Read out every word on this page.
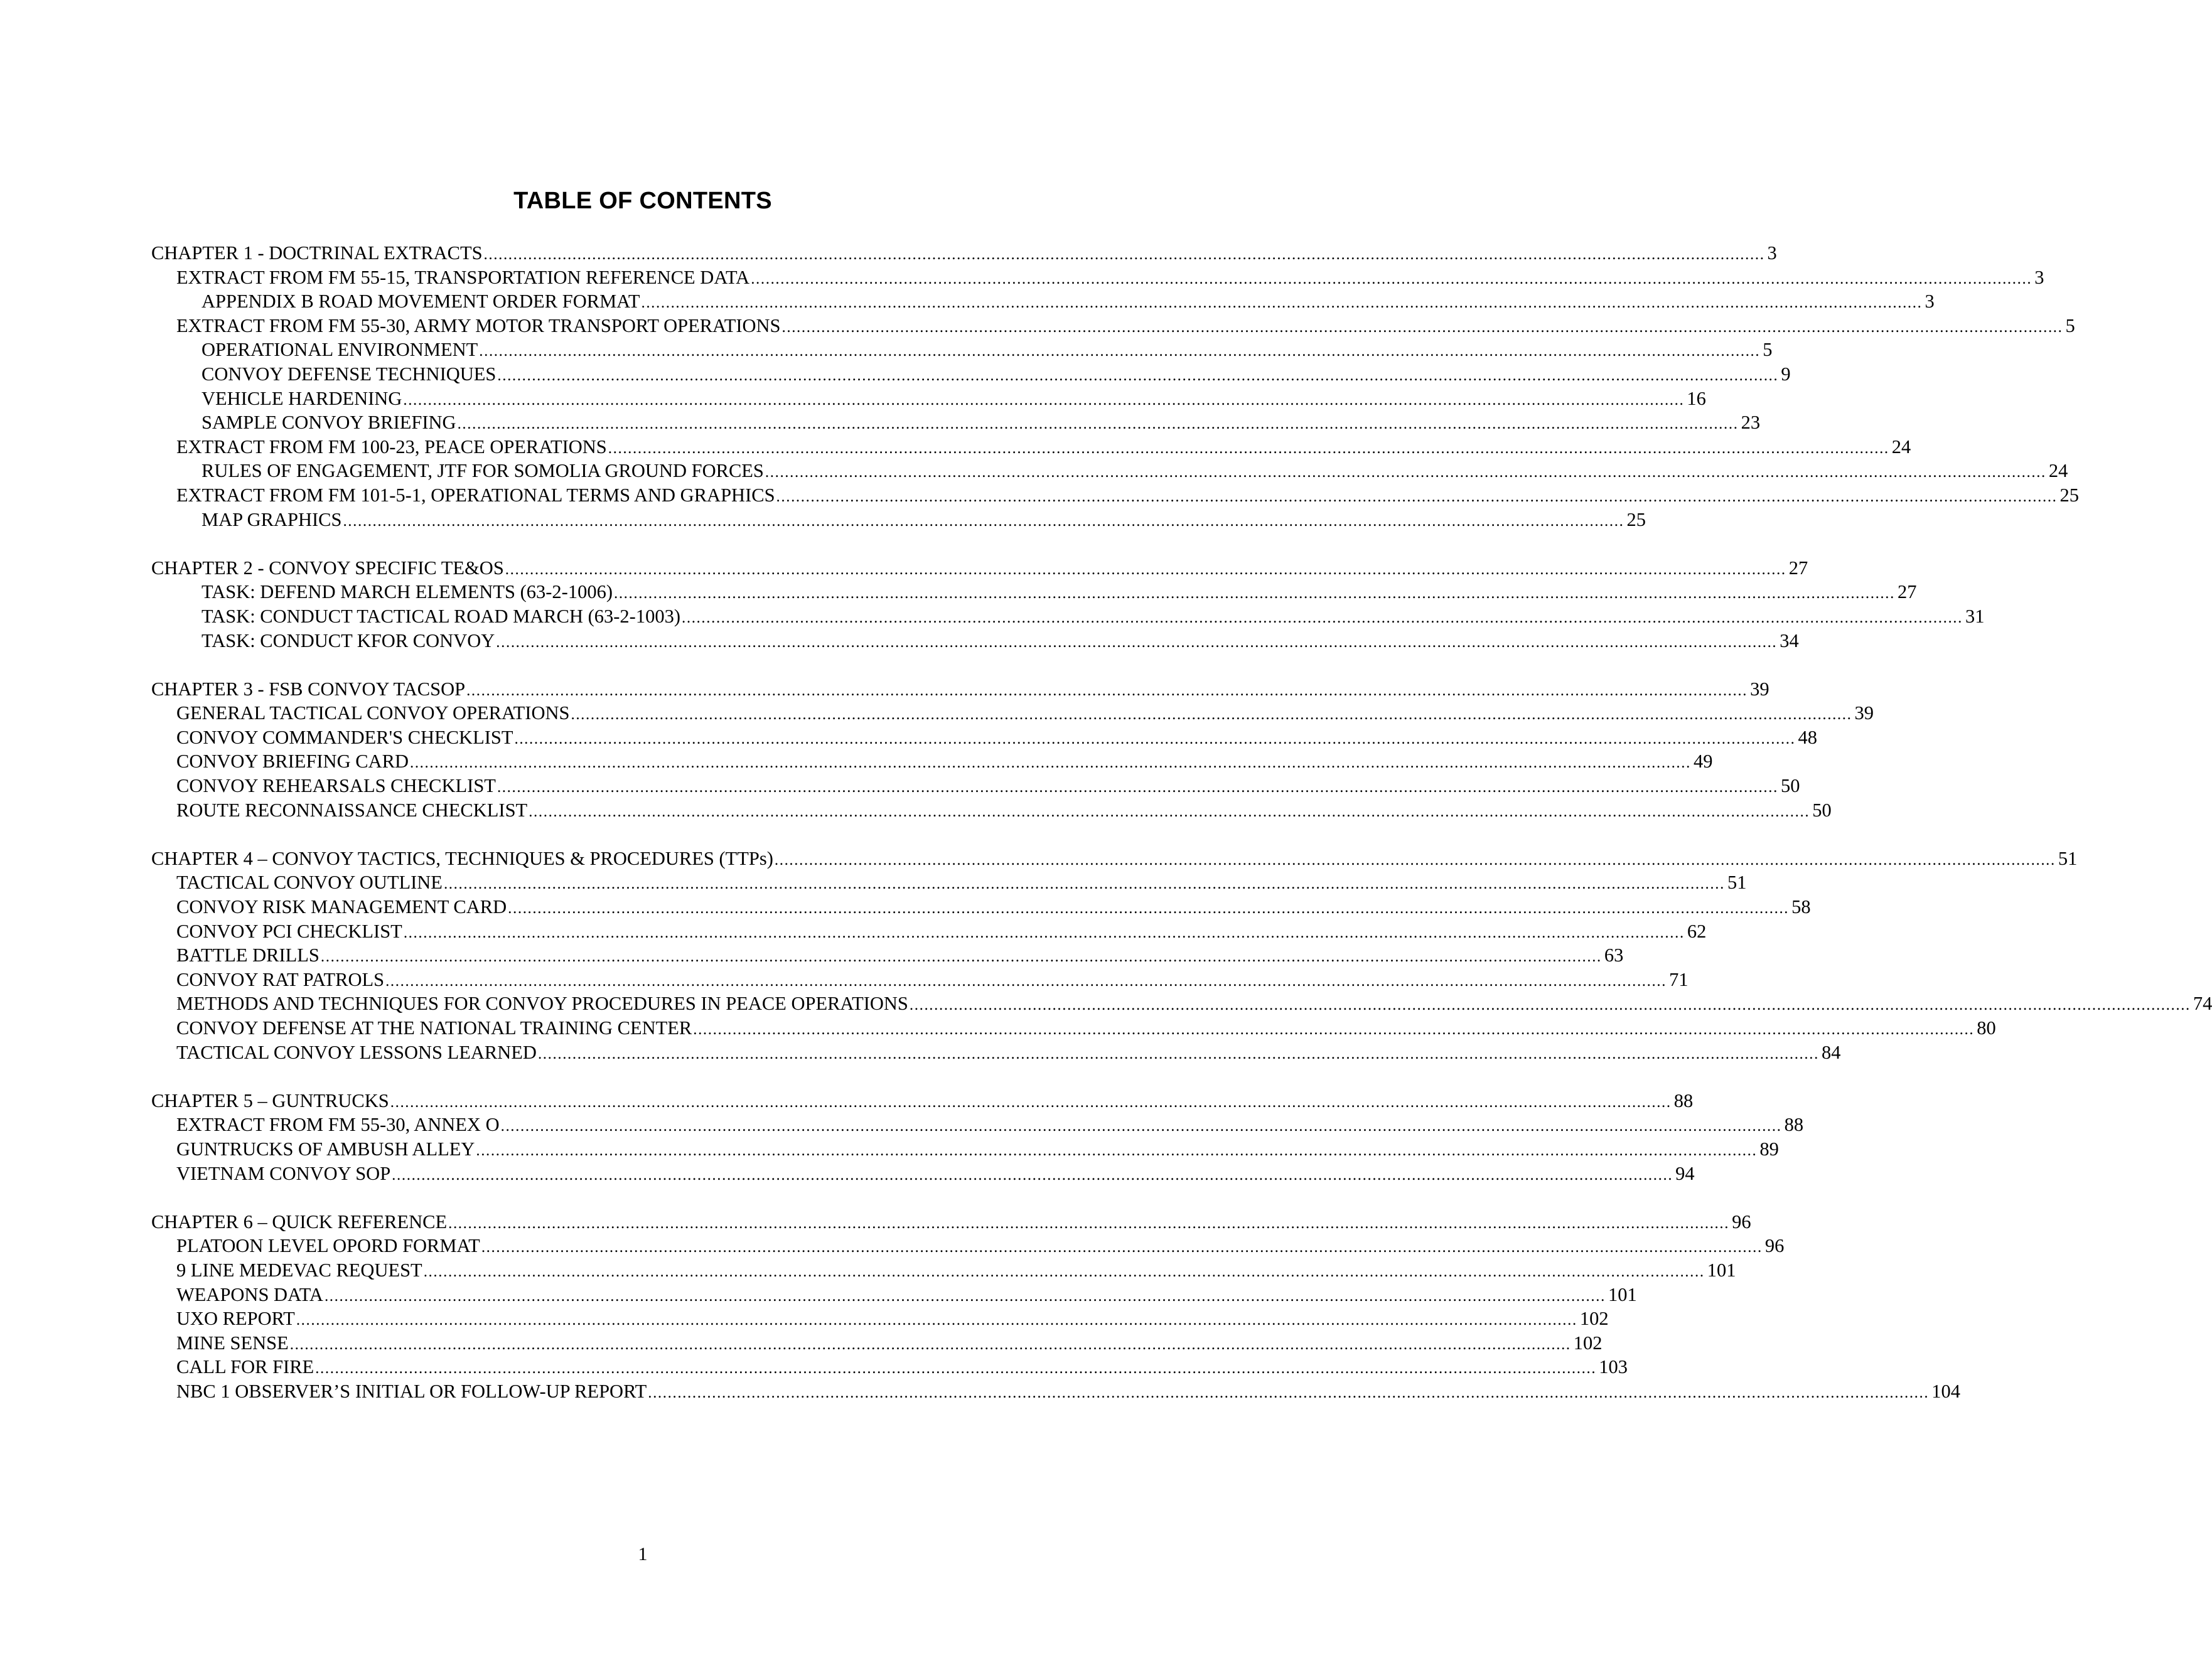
TABLE OF CONTENTS
CHAPTER 1 - DOCTRINAL EXTRACTS .................................................................................................................................................................................................................................................................... 3
EXTRACT FROM FM 55-15, TRANSPORTATION REFERENCE DATA .................................................................................................................................................................................................................................................................... 3
APPENDIX B ROAD MOVEMENT ORDER FORMAT .................................................................................................................................................................................................................................................................... 3
EXTRACT FROM FM 55-30, ARMY MOTOR TRANSPORT OPERATIONS .................................................................................................................................................................................................................................................................... 5
OPERATIONAL ENVIRONMENT .................................................................................................................................................................................................................................................................... 5
CONVOY DEFENSE TECHNIQUES .................................................................................................................................................................................................................................................................... 9
VEHICLE HARDENING .................................................................................................................................................................................................................................................................... 16
SAMPLE CONVOY BRIEFING .................................................................................................................................................................................................................................................................... 23
EXTRACT FROM FM 100-23, PEACE OPERATIONS .................................................................................................................................................................................................................................................................... 24
RULES OF ENGAGEMENT, JTF FOR SOMOLIA GROUND FORCES .................................................................................................................................................................................................................................................................... 24
EXTRACT FROM FM 101-5-1, OPERATIONAL TERMS AND GRAPHICS .................................................................................................................................................................................................................................................................... 25
MAP GRAPHICS .................................................................................................................................................................................................................................................................... 25
CHAPTER 2 - CONVOY SPECIFIC TE&OS .................................................................................................................................................................................................................................................................... 27
TASK: DEFEND MARCH ELEMENTS (63-2-1006) .................................................................................................................................................................................................................................................................... 27
TASK: CONDUCT TACTICAL ROAD MARCH (63-2-1003) .................................................................................................................................................................................................................................................................... 31
TASK: CONDUCT KFOR CONVOY .................................................................................................................................................................................................................................................................... 34
CHAPTER 3 - FSB CONVOY TACSOP .................................................................................................................................................................................................................................................................... 39
GENERAL TACTICAL CONVOY OPERATIONS .................................................................................................................................................................................................................................................................... 39
CONVOY COMMANDER'S CHECKLIST .................................................................................................................................................................................................................................................................... 48
CONVOY BRIEFING CARD .................................................................................................................................................................................................................................................................... 49
CONVOY REHEARSALS CHECKLIST .................................................................................................................................................................................................................................................................... 50
ROUTE RECONNAISSANCE CHECKLIST .................................................................................................................................................................................................................................................................... 50
CHAPTER 4 – CONVOY TACTICS, TECHNIQUES & PROCEDURES (TTPs) .................................................................................................................................................................................................................................................................... 51
TACTICAL CONVOY OUTLINE .................................................................................................................................................................................................................................................................... 51
CONVOY RISK MANAGEMENT CARD .................................................................................................................................................................................................................................................................... 58
CONVOY PCI CHECKLIST .................................................................................................................................................................................................................................................................... 62
BATTLE DRILLS .................................................................................................................................................................................................................................................................... 63
CONVOY RAT PATROLS .................................................................................................................................................................................................................................................................... 71
METHODS AND TECHNIQUES FOR CONVOY PROCEDURES IN PEACE OPERATIONS .................................................................................................................................................................................................................................................................... 74
CONVOY DEFENSE AT THE NATIONAL TRAINING CENTER .................................................................................................................................................................................................................................................................... 80
TACTICAL CONVOY LESSONS LEARNED .................................................................................................................................................................................................................................................................... 84
CHAPTER 5 – GUNTRUCKS .................................................................................................................................................................................................................................................................... 88
EXTRACT FROM FM 55-30, ANNEX O .................................................................................................................................................................................................................................................................... 88
GUNTRUCKS OF AMBUSH ALLEY .................................................................................................................................................................................................................................................................... 89
VIETNAM CONVOY SOP .................................................................................................................................................................................................................................................................... 94
CHAPTER 6 – QUICK REFERENCE .................................................................................................................................................................................................................................................................... 96
PLATOON LEVEL OPORD FORMAT .................................................................................................................................................................................................................................................................... 96
9 LINE MEDEVAC REQUEST .................................................................................................................................................................................................................................................................... 101
WEAPONS DATA .................................................................................................................................................................................................................................................................... 101
UXO REPORT .................................................................................................................................................................................................................................................................... 102
MINE SENSE .................................................................................................................................................................................................................................................................... 102
CALL FOR FIRE .................................................................................................................................................................................................................................................................... 103
NBC 1 OBSERVER’S INITIAL OR FOLLOW-UP REPORT .................................................................................................................................................................................................................................................................... 104
1
